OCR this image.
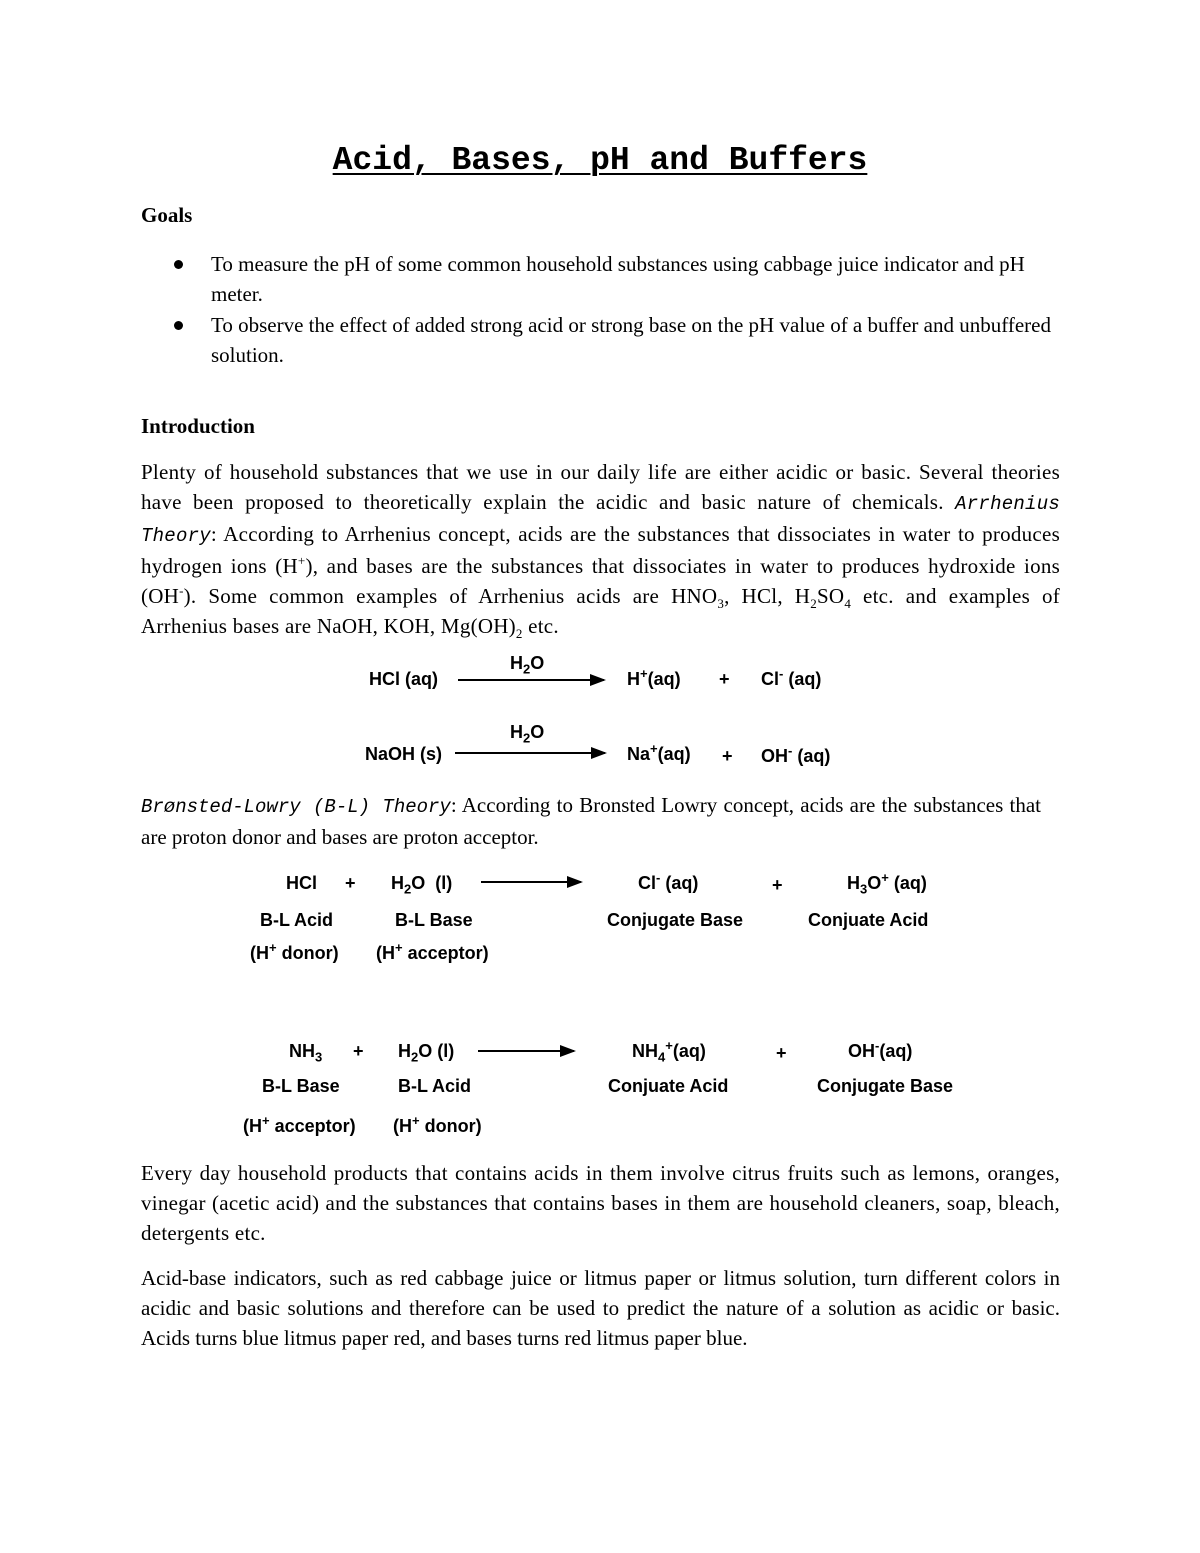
Acid, Bases, pH and Buffers
Goals
To measure the pH of some common household substances using cabbage juice indicator and pH meter.
To observe the effect of added strong acid or strong base on the pH value of a buffer and unbuffered solution.
Introduction
Plenty of household substances that we use in our daily life are either acidic or basic. Several theories have been proposed to theoretically explain the acidic and basic nature of chemicals. Arrhenius Theory: According to Arrhenius concept, acids are the substances that dissociates in water to produces hydrogen ions (H+), and bases are the substances that dissociates in water to produces hydroxide ions (OH-). Some common examples of Arrhenius acids are $HNO_3$, HCl, $H_2SO_4$ etc. and examples of Arrhenius bases are NaOH, KOH, $Mg(OH)_2$ etc.
HCl (aq)
$H_2O$
H+(aq) + Cl- (aq)
NaOH (s)
$H_2O$
Na+(aq) + OH- (aq)
Brønsted-Lowry (B-L) Theory: According to Bronsted Lowry concept, acids are the substances that are proton donor and bases are proton acceptor.
HCl + $H_2O$  (l)	Cl- (aq)	+	$H_3O^+$ (aq)
B-L Acid	B-L Base	Conjugate Base	Conjuate Acid
(H+ donor) (H+ acceptor)
$NH_3 + H_2O$ (l)	$NH_4^+(aq)$	+	OH-(aq)
B-L Base	B-L Acid	Conjuate Acid	Conjugate Base
(H+ acceptor) (H+ donor)
Every day household products that contains acids in them involve citrus fruits such as lemons, oranges, vinegar (acetic acid) and the substances that contains bases in them are household cleaners, soap, bleach, detergents etc.
Acid-base indicators, such as red cabbage juice or litmus paper or litmus solution, turn different colors in acidic and basic solutions and therefore can be used to predict the nature of a solution as acidic or basic. Acids turns blue litmus paper red, and bases turns red litmus paper blue.
